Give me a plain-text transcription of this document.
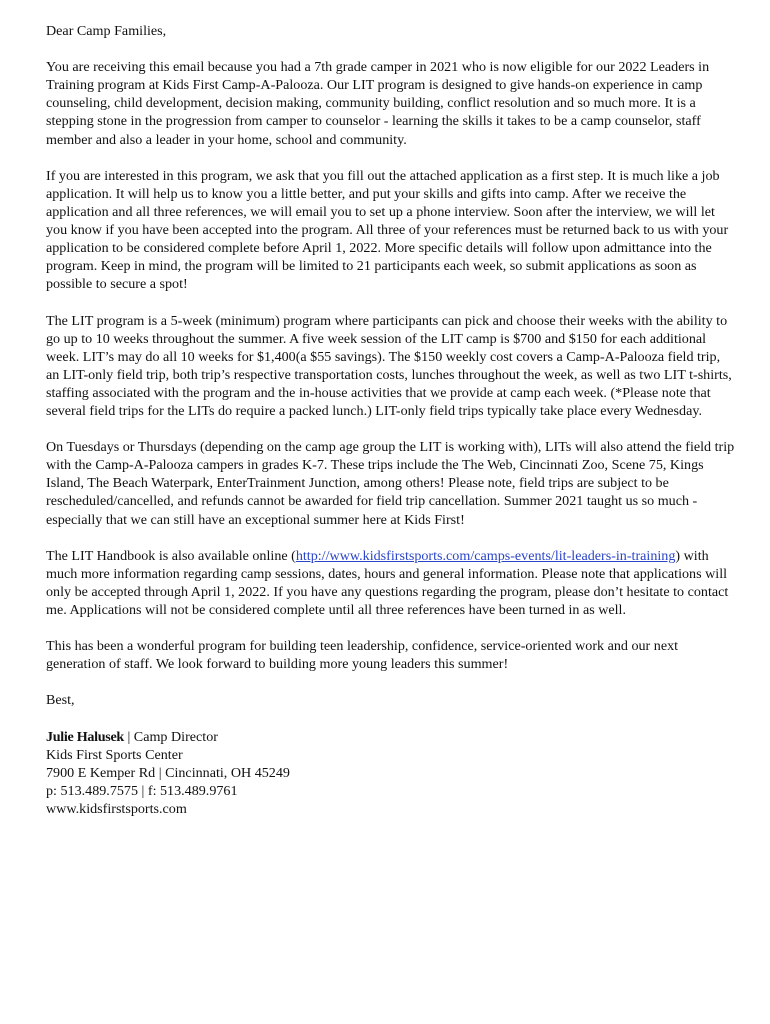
Dear Camp Families,

You are receiving this email because you had a 7th grade camper in 2021 who is now eligible for our 2022 Leaders in Training program at Kids First Camp-A-Palooza. Our LIT program is designed to give hands-on experience in camp counseling, child development, decision making, community building, conflict resolution and so much more. It is a stepping stone in the progression from camper to counselor - learning the skills it takes to be a camp counselor, staff member and also a leader in your home, school and community.

If you are interested in this program, we ask that you fill out the attached application as a first step. It is much like a job application. It will help us to know you a little better, and put your skills and gifts into camp. After we receive the application and all three references, we will email you to set up a phone interview. Soon after the interview, we will let you know if you have been accepted into the program. All three of your references must be returned back to us with your application to be considered complete before April 1, 2022. More specific details will follow upon admittance into the program. Keep in mind, the program will be limited to 21 participants each week, so submit applications as soon as possible to secure a spot!

The LIT program is a 5-week (minimum) program where participants can pick and choose their weeks with the ability to go up to 10 weeks throughout the summer. A five week session of the LIT camp is $700 and $150 for each additional week. LIT’s may do all 10 weeks for $1,400(a $55 savings). The $150 weekly cost covers a Camp-A-Palooza field trip, an LIT-only field trip, both trip’s respective transportation costs, lunches throughout the week, as well as two LIT t-shirts, staffing associated with the program and the in-house activities that we provide at camp each week. (*Please note that several field trips for the LITs do require a packed lunch.) LIT-only field trips typically take place every Wednesday.

On Tuesdays or Thursdays (depending on the camp age group the LIT is working with), LITs will also attend the field trip with the Camp-A-Palooza campers in grades K-7. These trips include the The Web, Cincinnati Zoo, Scene 75, Kings Island, The Beach Waterpark, EnterTrainment Junction, among others! Please note, field trips are subject to be rescheduled/cancelled, and refunds cannot be awarded for field trip cancellation. Summer 2021 taught us so much - especially that we can still have an exceptional summer here at Kids First!

The LIT Handbook is also available online (http://www.kidsfirstsports.com/camps-events/lit-leaders-in-training) with much more information regarding camp sessions, dates, hours and general information. Please note that applications will only be accepted through April 1, 2022. If you have any questions regarding the program, please don’t hesitate to contact me. Applications will not be considered complete until all three references have been turned in as well.

This has been a wonderful program for building teen leadership, confidence, service-oriented work and our next generation of staff. We look forward to building more young leaders this summer!

Best,

Julie Halusek | Camp Director
Kids First Sports Center
7900 E Kemper Rd | Cincinnati, OH 45249
p: 513.489.7575 | f: 513.489.9761
www.kidsfirstsports.com
